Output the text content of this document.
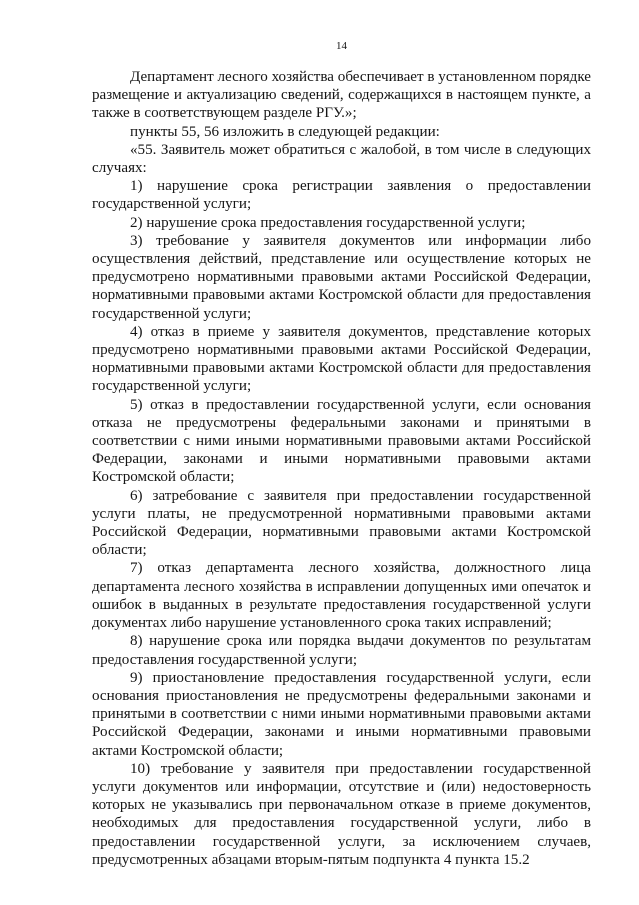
14

Департамент лесного хозяйства обеспечивает в установленном порядке размещение и актуализацию сведений, содержащихся в настоящем пункте, а также в соответствующем разделе РГУ.»;

пункты 55, 56 изложить в следующей редакции:

«55. Заявитель может обратиться с жалобой, в том числе в следующих случаях:

1) нарушение срока регистрации заявления о предоставлении государственной услуги;

2) нарушение срока предоставления государственной услуги;

3) требование у заявителя документов или информации либо осуществления действий, представление или осуществление которых не предусмотрено нормативными правовыми актами Российской Федерации, нормативными правовыми актами Костромской области для предоставления государственной услуги;

4) отказ в приеме у заявителя документов, представление которых предусмотрено нормативными правовыми актами Российской Федерации, нормативными правовыми актами Костромской области для предоставления государственной услуги;

5) отказ в предоставлении государственной услуги, если основания отказа не предусмотрены федеральными законами и принятыми в соответствии с ними иными нормативными правовыми актами Российской Федерации, законами и иными нормативными правовыми актами Костромской области;

6) затребование с заявителя при предоставлении государственной услуги платы, не предусмотренной нормативными правовыми актами Российской Федерации, нормативными правовыми актами Костромской области;

7) отказ департамента лесного хозяйства, должностного лица департамента лесного хозяйства в исправлении допущенных ими опечаток и ошибок в выданных в результате предоставления государственной услуги документах либо нарушение установленного срока таких исправлений;

8) нарушение срока или порядка выдачи документов по результатам предоставления государственной услуги;

9) приостановление предоставления государственной услуги, если основания приостановления не предусмотрены федеральными законами и принятыми в соответствии с ними иными нормативными правовыми актами Российской Федерации, законами и иными нормативными правовыми актами Костромской области;

10) требование у заявителя при предоставлении государственной услуги документов или информации, отсутствие и (или) недостоверность которых не указывались при первоначальном отказе в приеме документов, необходимых для предоставления государственной услуги, либо в предоставлении государственной услуги, за исключением случаев, предусмотренных абзацами вторым-пятым подпункта 4 пункта 15.2
